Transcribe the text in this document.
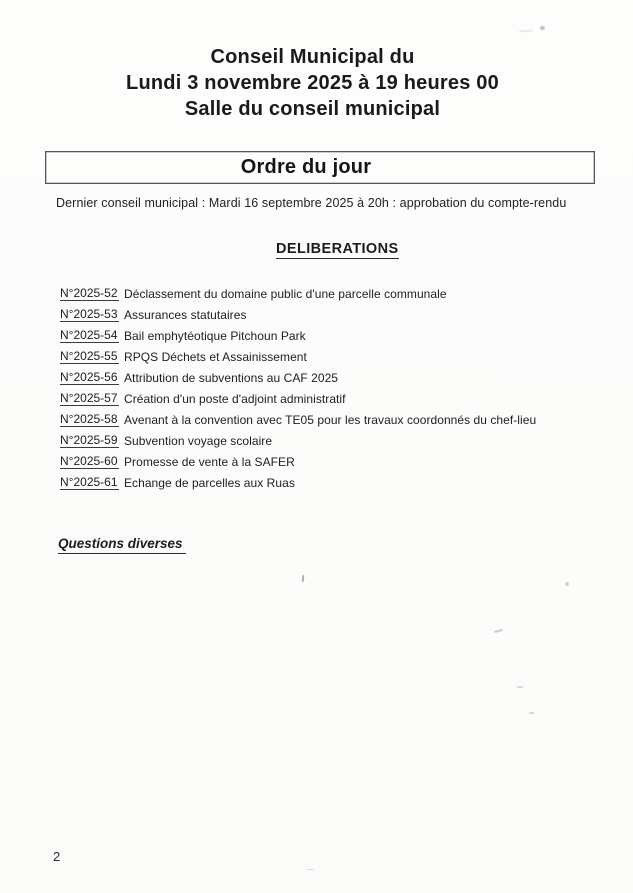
Conseil Municipal du
Lundi 3 novembre 2025 à 19 heures 00
Salle du conseil municipal
Ordre du jour
Dernier conseil municipal : Mardi 16 septembre 2025 à 20h : approbation du compte-rendu
DELIBERATIONS
N°2025-52 Déclassement du domaine public d'une parcelle communale
N°2025-53 Assurances statutaires
N°2025-54 Bail emphytéotique Pitchoun Park
N°2025-55 RPQS Déchets et Assainissement
N°2025-56 Attribution de subventions au CAF 2025
N°2025-57 Création d'un poste d'adjoint administratif
N°2025-58 Avenant à la convention avec TE05 pour les travaux coordonnés du chef-lieu
N°2025-59 Subvention voyage scolaire
N°2025-60 Promesse de vente à la SAFER
N°2025-61 Echange de parcelles aux Ruas
Questions diverses
2
